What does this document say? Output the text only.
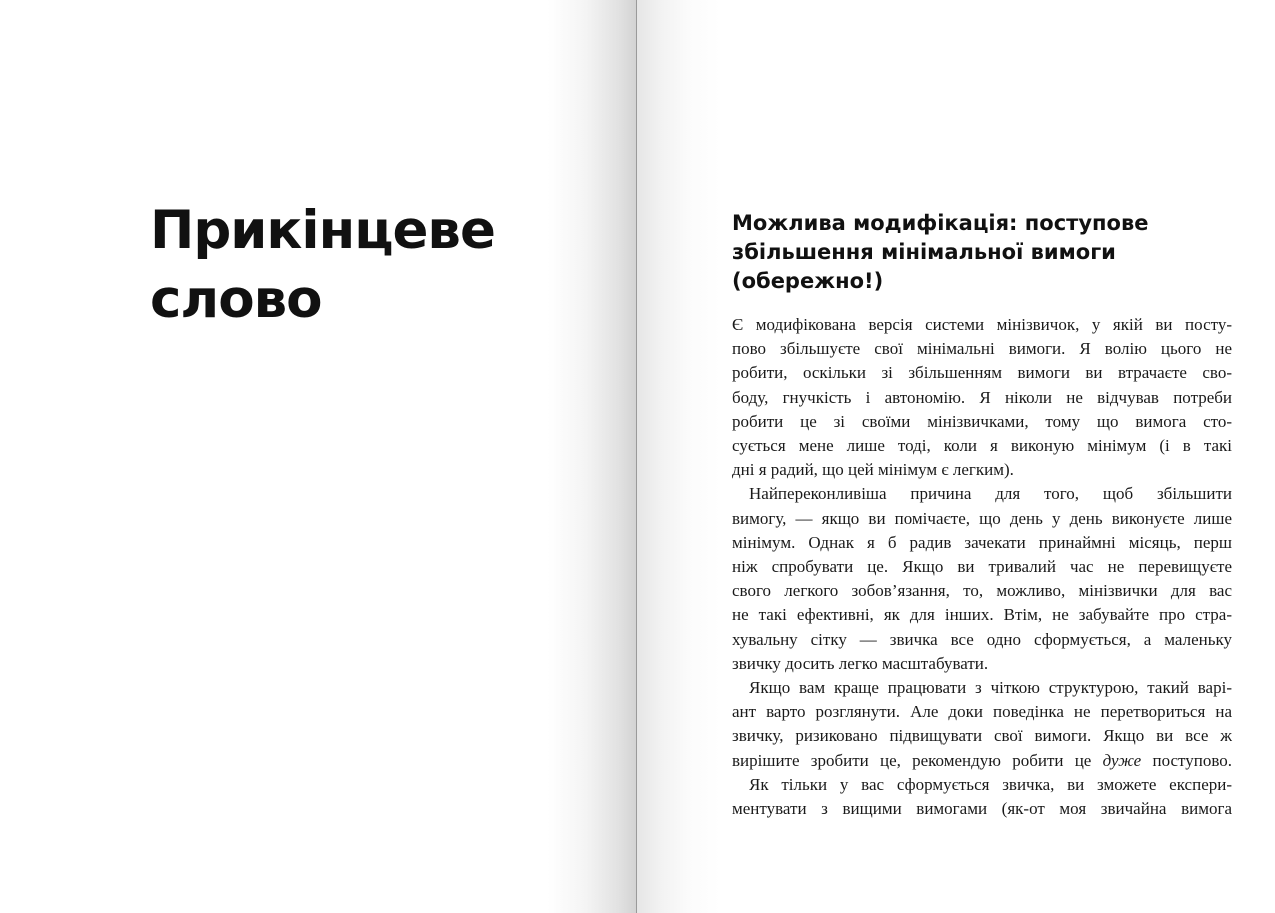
Прикінцеве
слово
Можлива модифікація: поступове
збільшення мінімальної вимоги
(обережно!)

Є модифікована версія системи мінізвичок, у якій ви посту-
пово збільшуєте свої мінімальні вимоги. Я волію цього не
робити, оскільки зі збільшенням вимоги ви втрачаєте сво-
боду, гнучкість і автономію. Я ніколи не відчував потреби
робити це зі своїми мінізвичками, тому що вимога сто-
сується мене лише тоді, коли я виконую мінімум (і в такі
дні я радий, що цей мінімум є легким).

Найпереконливіша причина для того, щоб збільшити
вимогу, — якщо ви помічаєте, що день у день виконуєте лише
мінімум. Однак я б радив зачекати принаймні місяць, перш
ніж спробувати це. Якщо ви тривалий час не перевищуєте
свого легкого зобов’язання, то, можливо, мінізвички для вас
не такі ефективні, як для інших. Втім, не забувайте про стра-
хувальну сітку — звичка все одно сформується, а маленьку
звичку досить легко масштабувати.

Якщо вам краще працювати з чіткою структурою, такий варі-
ант варто розглянути. Але доки поведінка не перетвориться на
звичку, ризиковано підвищувати свої вимоги. Якщо ви все ж
вирішите зробити це, рекомендую робити це дуже поступово.

Як тільки у вас сформується звичка, ви зможете експери-
ментувати з вищими вимогами (як-от моя звичайна вимога
